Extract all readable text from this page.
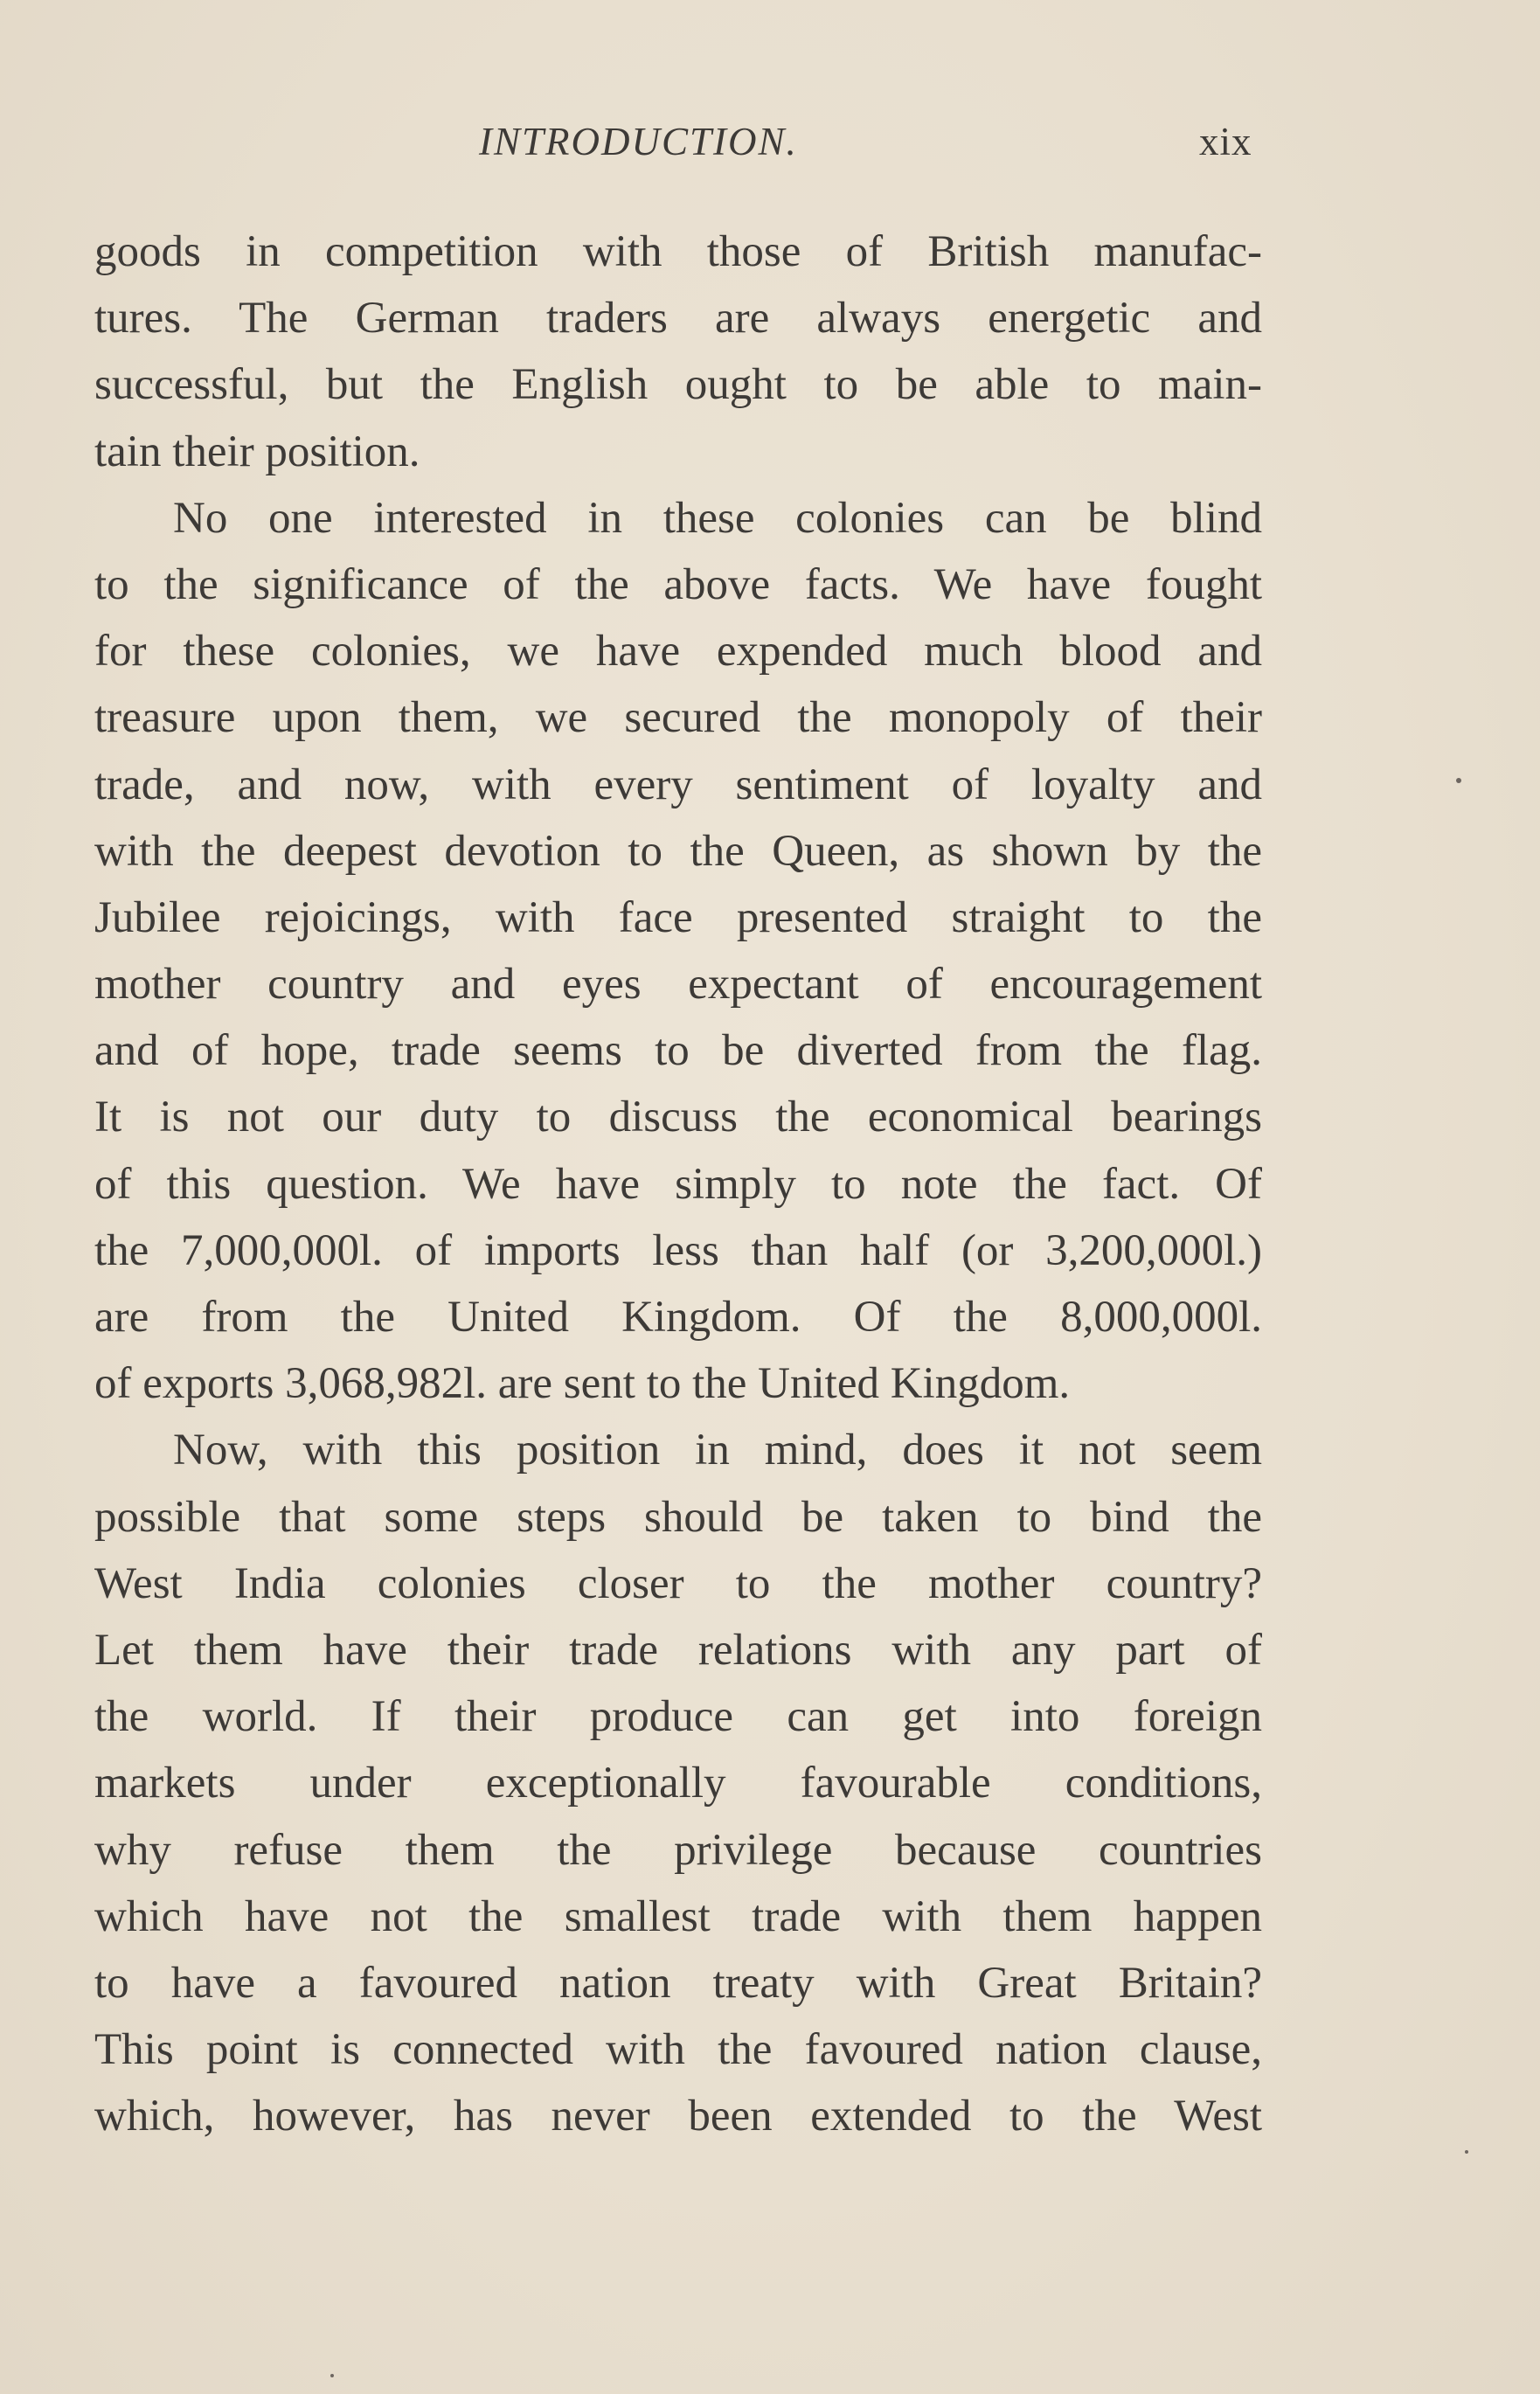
INTRODUCTION.	xix
goods in competition with those of British manufac-
tures. The German traders are always energetic and
successful, but the English ought to be able to main-
tain their position.
No one interested in these colonies can be blind
to the significance of the above facts. We have fought
for these colonies, we have expended much blood and
treasure upon them, we secured the monopoly of their
trade, and now, with every sentiment of loyalty and
with the deepest devotion to the Queen, as shown by the
Jubilee rejoicings, with face presented straight to the
mother country and eyes expectant of encouragement
and of hope, trade seems to be diverted from the flag.
It is not our duty to discuss the economical bearings
of this question. We have simply to note the fact. Of
the 7,000,000l. of imports less than half (or 3,200,000l.)
are from the United Kingdom. Of the 8,000,000l.
of exports 3,068,982l. are sent to the United Kingdom.
Now, with this position in mind, does it not seem
possible that some steps should be taken to bind the
West India colonies closer to the mother country?
Let them have their trade relations with any part of
the world. If their produce can get into foreign
markets under exceptionally favourable conditions,
why refuse them the privilege because countries
which have not the smallest trade with them happen
to have a favoured nation treaty with Great Britain?
This point is connected with the favoured nation clause,
which, however, has never been extended to the West
